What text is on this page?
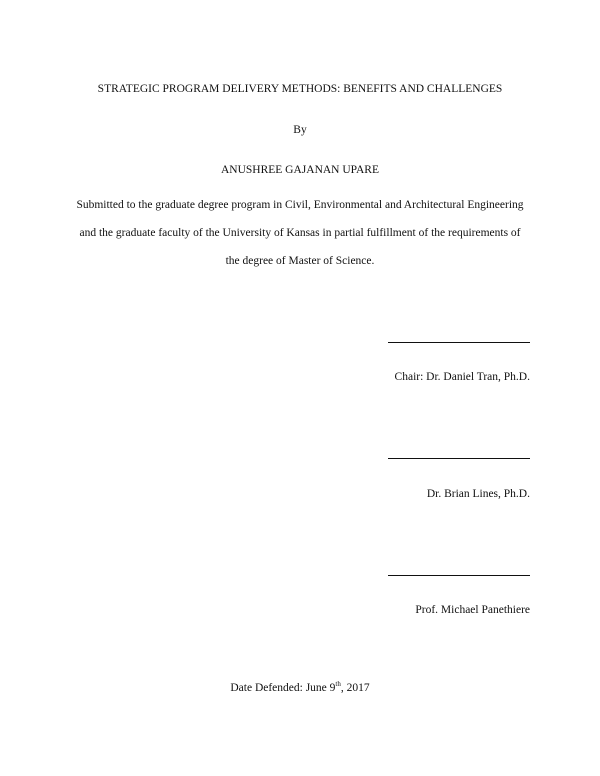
STRATEGIC PROGRAM DELIVERY METHODS: BENEFITS AND CHALLENGES
By
ANUSHREE GAJANAN UPARE
Submitted to the graduate degree program in Civil, Environmental and Architectural Engineering
and the graduate faculty of the University of Kansas in partial fulfillment of the requirements of
the degree of Master of Science.
Chair: Dr. Daniel Tran, Ph.D.
Dr. Brian Lines, Ph.D.
Prof. Michael Panethiere
Date Defended: June 9th, 2017
